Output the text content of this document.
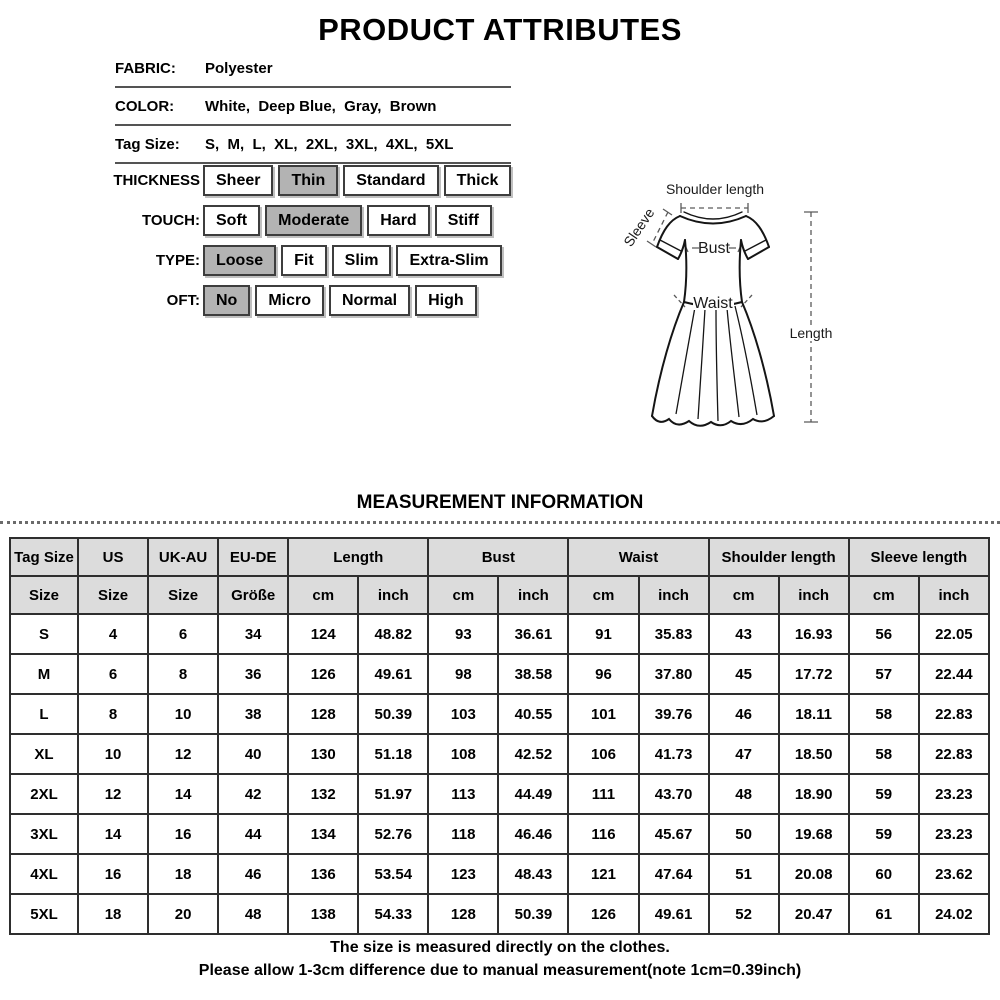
PRODUCT ATTRIBUTES
FABRIC:	Polyester
COLOR:	White,  Deep Blue,  Gray,  Brown
Tag Size:	S,  M,  L,  XL,  2XL,  3XL,  4XL,  5XL
THICKNESS	Sheer	Thin	Standard	Thick
TOUCH:	Soft	Moderate	Hard	Stiff
TYPE:	Loose	Fit	Slim	Extra-Slim
OFT:	No	Micro	Normal	High
Shoulder length
Sleeve	Bust
Waist
Length
MEASUREMENT INFORMATION
Tag Size	US	UK-AU	EU-DE	Length		Bust		Waist		Shoulder length		Sleeve length	
Size	Size	Size	Größe	cm	inch	cm	inch	cm	inch	cm	inch	cm	inch
S	4	6	34	124	48.82	93	36.61	91	35.83	43	16.93	56	22.05
M	6	8	36	126	49.61	98	38.58	96	37.80	45	17.72	57	22.44
L	8	10	38	128	50.39	103	40.55	101	39.76	46	18.11	58	22.83
XL	10	12	40	130	51.18	108	42.52	106	41.73	47	18.50	58	22.83
2XL	12	14	42	132	51.97	113	44.49	111	43.70	48	18.90	59	23.23
3XL	14	16	44	134	52.76	118	46.46	116	45.67	50	19.68	59	23.23
4XL	16	18	46	136	53.54	123	48.43	121	47.64	51	20.08	60	23.62
5XL	18	20	48	138	54.33	128	50.39	126	49.61	52	20.47	61	24.02
The size is measured directly on the clothes.
Please allow 1-3cm difference due to manual measurement(note 1cm=0.39inch)
